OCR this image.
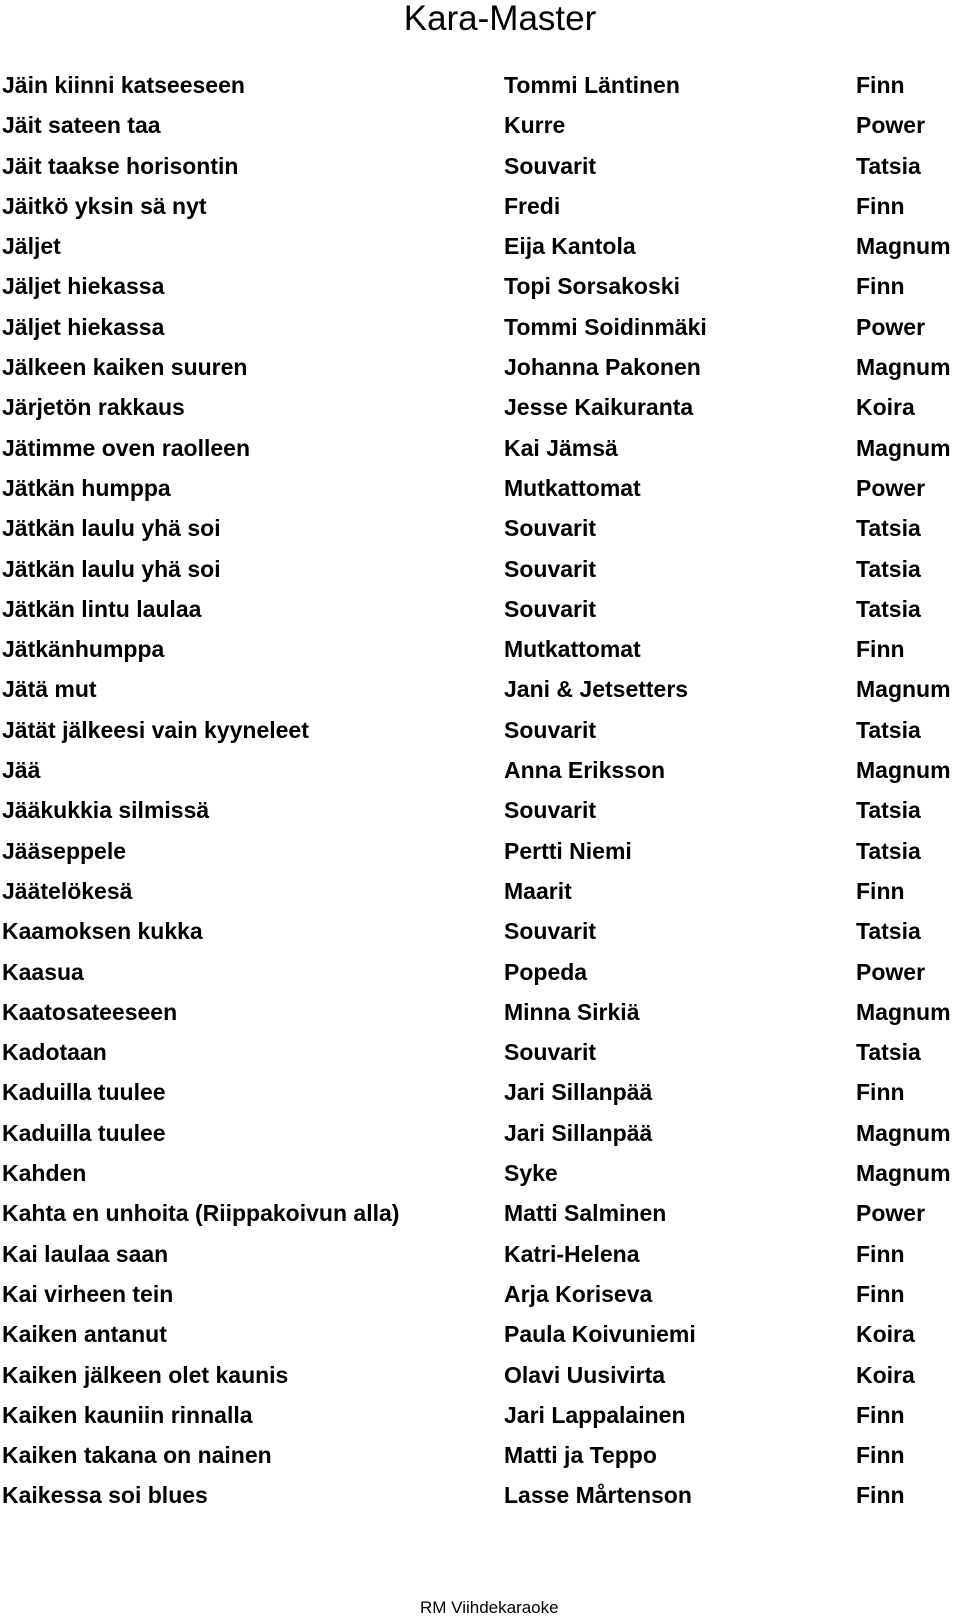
Kara-Master
Jäin kiinni katseeseen	Tommi Läntinen	Finn
Jäit sateen taa	Kurre	Power
Jäit taakse horisontin	Souvarit	Tatsia
Jäitkö yksin sä nyt	Fredi	Finn
Jäljet	Eija Kantola	Magnum
Jäljet hiekassa	Topi Sorsakoski	Finn
Jäljet hiekassa	Tommi Soidinmäki	Power
Jälkeen kaiken suuren	Johanna Pakonen	Magnum
Järjetön rakkaus	Jesse Kaikuranta	Koira
Jätimme oven raolleen	Kai Jämsä	Magnum
Jätkän humppa	Mutkattomat	Power
Jätkän laulu yhä soi	Souvarit	Tatsia
Jätkän laulu yhä soi	Souvarit	Tatsia
Jätkän lintu laulaa	Souvarit	Tatsia
Jätkänhumppa	Mutkattomat	Finn
Jätä mut	Jani & Jetsetters	Magnum
Jätät jälkeesi vain kyyneleet	Souvarit	Tatsia
Jää	Anna Eriksson	Magnum
Jääkukkia silmissä	Souvarit	Tatsia
Jääseppele	Pertti Niemi	Tatsia
Jäätelökesä	Maarit	Finn
Kaamoksen kukka	Souvarit	Tatsia
Kaasua	Popeda	Power
Kaatosateeseen	Minna Sirkiä	Magnum
Kadotaan	Souvarit	Tatsia
Kaduilla tuulee	Jari Sillanpää	Finn
Kaduilla tuulee	Jari Sillanpää	Magnum
Kahden	Syke	Magnum
Kahta en unhoita (Riippakoivun alla)	Matti Salminen	Power
Kai laulaa saan	Katri-Helena	Finn
Kai virheen tein	Arja Koriseva	Finn
Kaiken antanut	Paula Koivuniemi	Koira
Kaiken jälkeen olet kaunis	Olavi Uusivirta	Koira
Kaiken kauniin rinnalla	Jari Lappalainen	Finn
Kaiken takana on nainen	Matti ja Teppo	Finn
Kaikessa soi blues	Lasse Mårtenson	Finn
RM Viihdekaraoke
